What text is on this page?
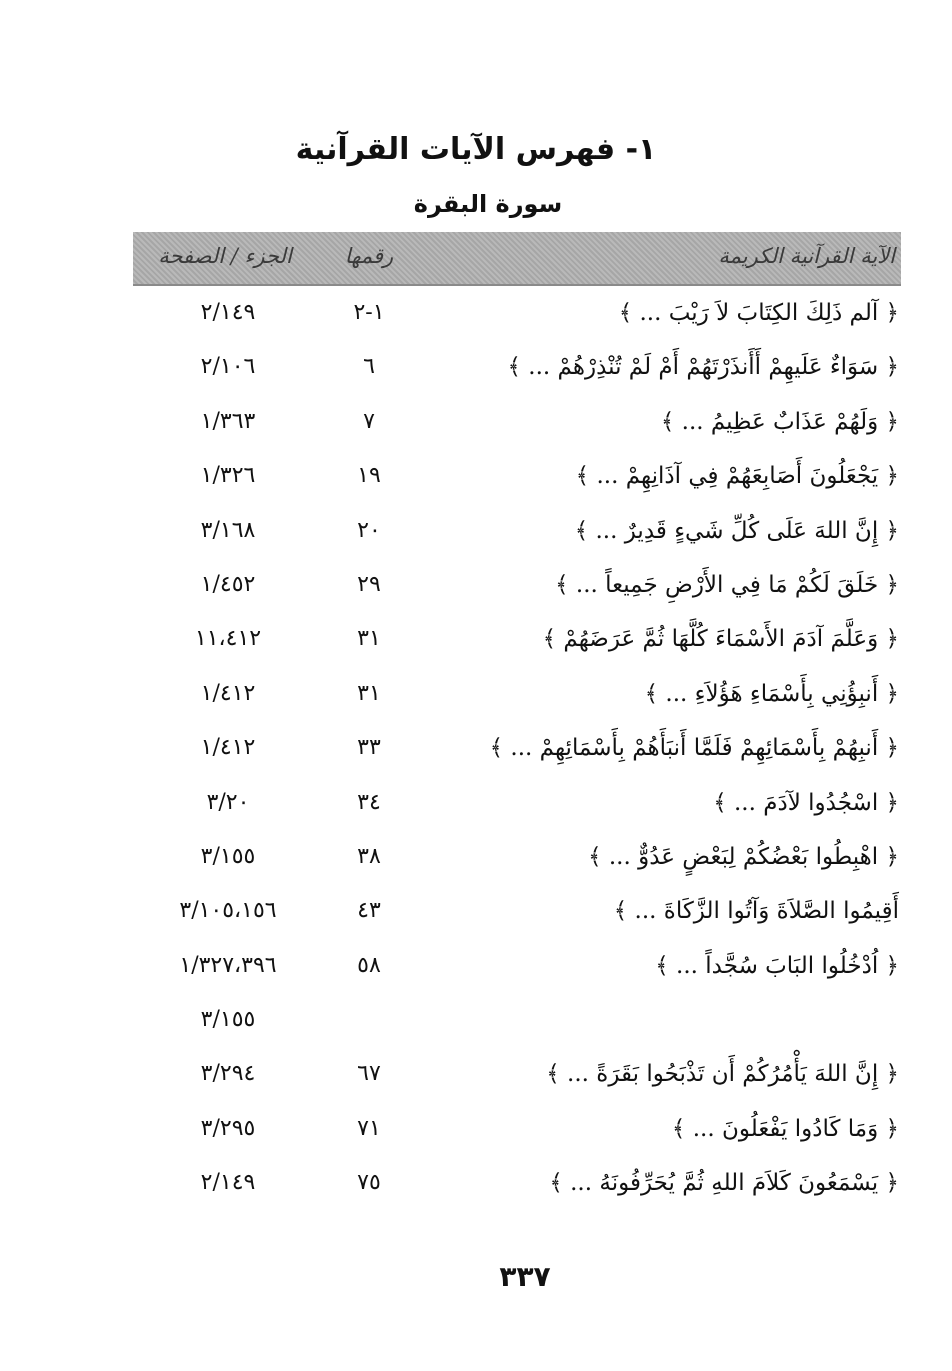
١- فهرس الآيات القرآنية
سورة البقرة
الآية القرآنية الكريمة
رقمها
الجزء / الصفحة
﴿ آلم ذَلِكَ الكِتَابَ لاَ رَيْبَ ... ﴾
١-٢
٢/١٤٩
﴿ سَوَاءٌ عَلَيهِمْ أَأَنذَرْتَهُمْ أَمْ لَمْ تُنْذِرْهُمْ ... ﴾
٦
٢/١٠٦
﴿ وَلَهُمْ عَذَابٌ عَظِيمُ ... ﴾
٧
١/٣٦٣
﴿ يَجْعَلُونَ أَصَابِعَهُمْ فِي آذَانِهِمْ ... ﴾
١٩
١/٣٢٦
﴿ إِنَّ اللهَ عَلَى كُلِّ شَيءٍ قَدِيرٌ ... ﴾
٢٠
٣/١٦٨
﴿ خَلَقَ لَكُمْ مَا فِي الأَرْضِ جَمِيعاً ... ﴾
٢٩
١/٤٥٢
﴿ وَعَلَّمَ آدَمَ الأَسْمَاءَ كُلَّهَا ثُمَّ عَرَضَهُمْ ﴾
٣١
١١،٤١٢
﴿ أَنبِؤُنِي بِأَسْمَاءِ هَؤُلاَءِ ... ﴾
٣١
١/٤١٢
﴿ أَنبِهُمْ بِأَسْمَائِهِمْ فَلَمَّا أَنبَأَهُمْ بِأَسْمَائِهِمْ ... ﴾
٣٣
١/٤١٢
﴿ اسْجُدُوا لآدَمَ ... ﴾
٣٤
٣/٢٠
﴿ اهْبِطُوا بَعْضُكُمْ لِبَعْضٍ عَدُوٌّ ... ﴾
٣٨
٣/١٥٥
أَقِيمُوا الصَّلاَةَ وَآتُوا الزَّكَاةَ ... ﴾
٤٣
٣/١٠٥،١٥٦
﴿ اُدْخُلُوا البَابَ سُجَّداً ... ﴾
٥٨
١/٣٢٧،٣٩٦
٣/١٥٥
﴿ إِنَّ اللهَ يَأْمُرُكُمْ أَن تَذْبَحُوا بَقَرَةً ... ﴾
٦٧
٣/٢٩٤
﴿ وَمَا كَادُوا يَفْعَلُونَ ... ﴾
٧١
٣/٢٩٥
﴿ يَسْمَعُونَ كَلاَمَ اللهِ ثُمَّ يُحَرِّفُونَهُ ... ﴾
٧٥
٢/١٤٩
٣٣٧
